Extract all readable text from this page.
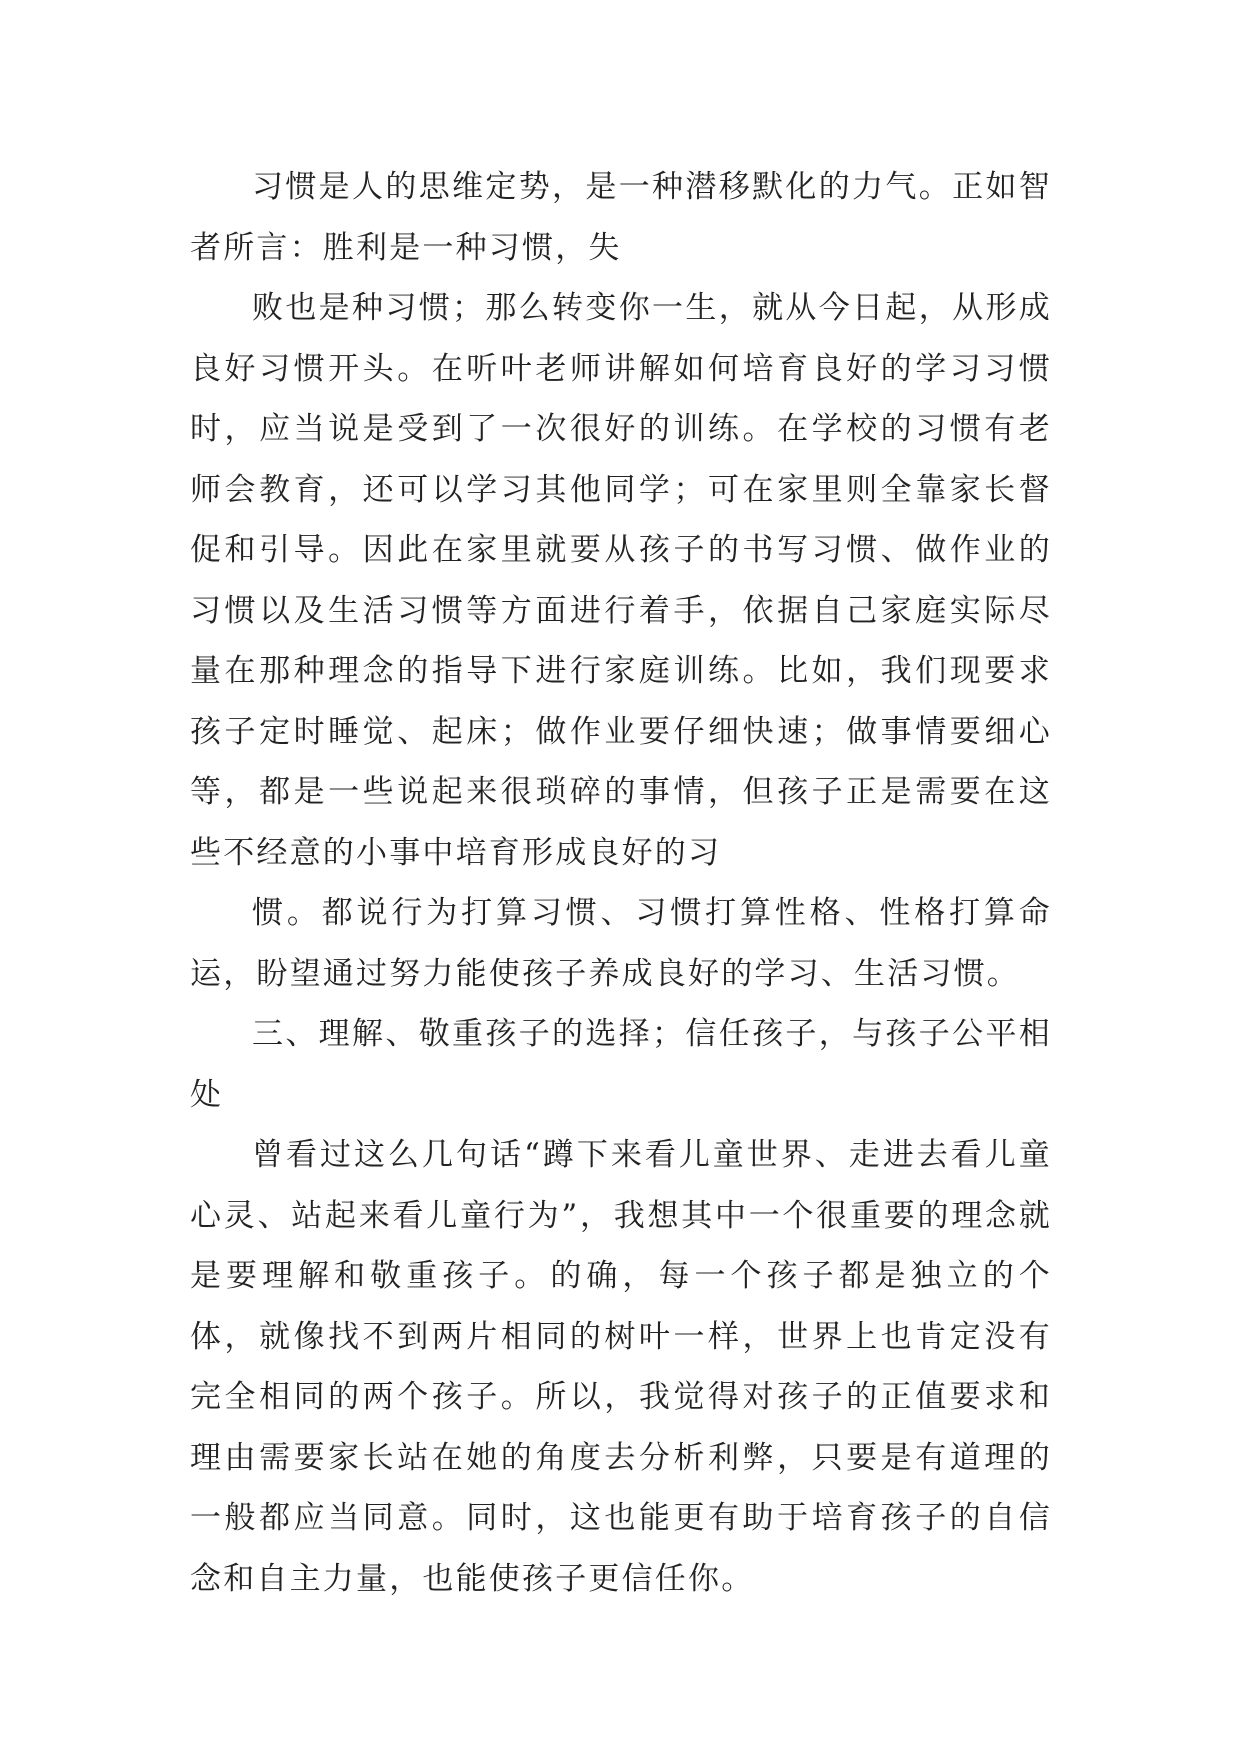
习惯是人的思维定势，是一种潜移默化的力气。正如智者所言：胜利是一种习惯，失

败也是种习惯；那么转变你一生，就从今日起，从形成良好习惯开头。在听叶老师讲解如何培育良好的学习习惯时，应当说是受到了一次很好的训练。在学校的习惯有老师会教育，还可以学习其他同学；可在家里则全靠家长督促和引导。因此在家里就要从孩子的书写习惯、做作业的习惯以及生活习惯等方面进行着手，依据自己家庭实际尽量在那种理念的指导下进行家庭训练。比如，我们现要求孩子定时睡觉、起床；做作业要仔细快速；做事情要细心等，都是一些说起来很琐碎的事情，但孩子正是需要在这些不经意的小事中培育形成良好的习

惯。都说行为打算习惯、习惯打算性格、性格打算命运，盼望通过努力能使孩子养成良好的学习、生活习惯。

三、理解、敬重孩子的选择；信任孩子，与孩子公平相处

曾看过这么几句话“蹲下来看儿童世界、走进去看儿童心灵、站起来看儿童行为”，我想其中一个很重要的理念就是要理解和敬重孩子。的确，每一个孩子都是独立的个体，就像找不到两片相同的树叶一样，世界上也肯定没有完全相同的两个孩子。所以，我觉得对孩子的正值要求和理由需要家长站在她的角度去分析利弊，只要是有道理的一般都应当同意。同时，这也能更有助于培育孩子的自信念和自主力量，也能使孩子更信任你。
